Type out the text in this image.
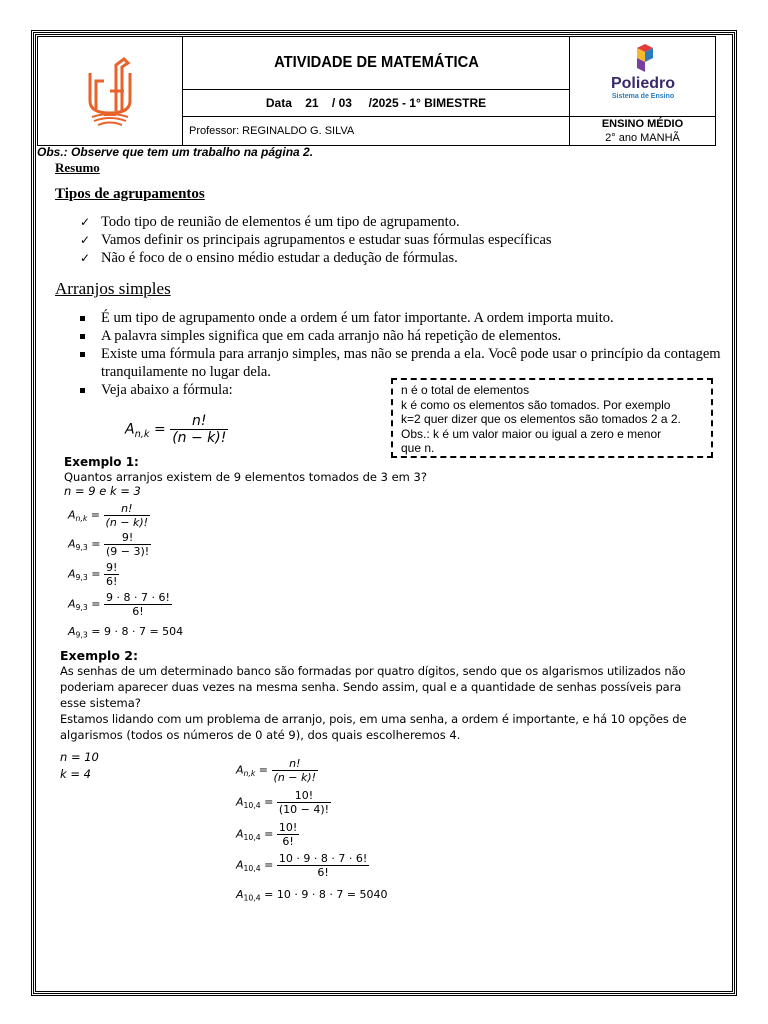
	ATIVIDADE DE MATEMÁTICA	Poliedro
Sistema de Ensino

	Data    21    / 03     /2025 - 1° BIMESTRE	
	Professor: REGINALDO G. SILVA	ENSINO MÉDIO
2° ano MANHÃ
Obs.: Observe que tem um trabalho na página 2.
Resumo
Tipos de agrupamentos
✓ Todo tipo de reunião de elementos é um tipo de agrupamento.
✓ Vamos definir os principais agrupamentos e estudar suas fórmulas específicas
✓ Não é foco de o ensino médio estudar a dedução de fórmulas.
Arranjos simples
É um tipo de agrupamento onde a ordem é um fator importante. A ordem importa muito.
A palavra simples significa que em cada arranjo não há repetição de elementos.
Existe uma fórmula para arranjo simples, mas não se prenda a ela. Você pode usar o princípio da contagem tranquilamente no lugar dela.
Veja abaixo a fórmula:	n é o total de elementos
k é como os elementos são tomados. Por exemplo
k=2 quer dizer que os elementos são tomados 2 a 2.
Obs.: k é um valor maior ou igual a zero e menor
que n.
$A_{n,k} = \frac{n!}{(n - k)!}$
Exemplo 1:
Quantos arranjos existem de 9 elementos tomados de 3 em 3?
n = 9 e k = 3
$A_{n,k} = \frac{n!}{(n - k)!}$
$A_{9,3} = \frac{9!}{(9 - 3)!}$
$A_{9,3} = \frac{9!}{6!}$
$A_{9,3} = \frac{9 \cdot 8 \cdot 7 \cdot 6!}{6!}$
$A_{9,3} = 9 \cdot 8 \cdot 7 = 504$
Exemplo 2:
As senhas de um determinado banco são formadas por quatro dígitos, sendo que os algarismos utilizados não
poderiam aparecer duas vezes na mesma senha. Sendo assim, qual e a quantidade de senhas possíveis para
esse sistema?
Estamos lidando com um problema de arranjo, pois, em uma senha, a ordem é importante, e há 10 opções de
algarismos (todos os números de 0 até 9), dos quais escolheremos 4.
n = 10
k = 4	$A_{n,k} = \frac{n!}{(n - k)!}$
$A_{10,4} = \frac{10!}{(10 - 4)!}$
$A_{10,4} = \frac{10!}{6!}$
$A_{10,4} = \frac{10 \cdot 9 \cdot 8 \cdot 7 \cdot 6!}{6!}$
$A_{10,4} = 10 \cdot 9 \cdot 8 \cdot 7 = 5040$
